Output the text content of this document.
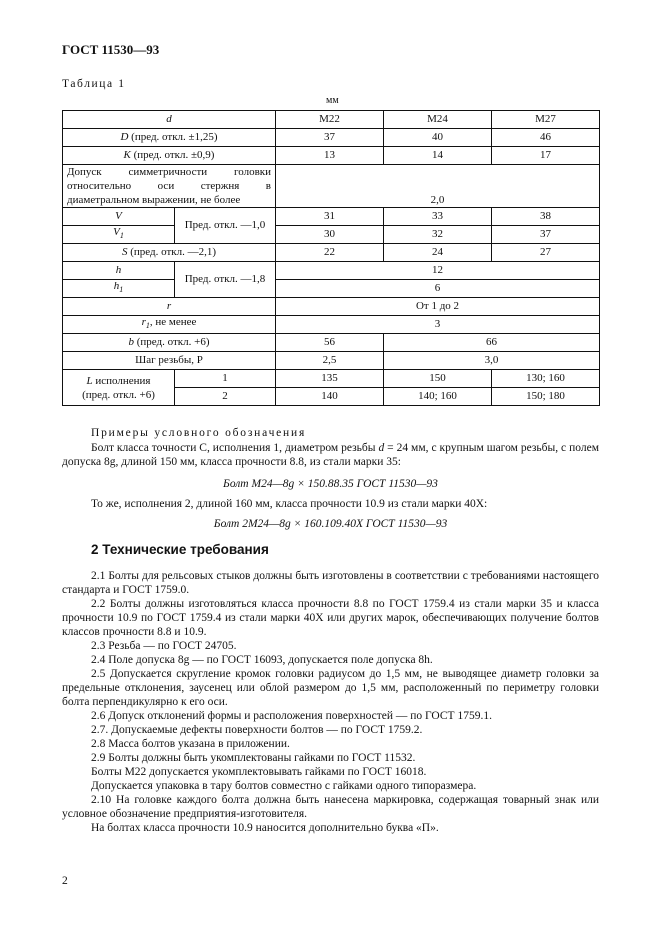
ГОСТ 11530—93
Таблица 1
мм
d		М22	М24	М27
D (пред. откл. ±1,25)		37	40	46
K (пред. откл. ±0,9)		13	14	17
Допуск симметричности головки относительно оси стержня в диаметральном выражении, не более		2,0		
V	Пред. откл. —1,0	31	33	38
$V_1$		30	32	37
S (пред. откл. —2,1)		22	24	27
h	Пред. откл. —1,8	12		
$h_1$		6		
r		От 1 до 2		
$r_1$, не менее		3		
b (пред. откл. +6)		56	66	
Шаг резьбы, Р		2,5	3,0	
L исполнения
(пред. откл. +6)	1	135	150	130; 160
	2	140	140; 160	150; 180
Примеры условного обозначения
Болт класса точности С, исполнения 1, диаметром резьбы d = 24 мм, с крупным шагом резьбы, с полем допуска 8g, длиной 150 мм, класса прочности 8.8, из стали марки 35:
Болт М24—8g × 150.88.35 ГОСТ 11530—93
То же, исполнения 2, длиной 160 мм, класса прочности 10.9 из стали марки 40Х:
Болт 2М24—8g × 160.109.40Х ГОСТ 11530—93
2 Технические требования
2.1 Болты для рельсовых стыков должны быть изготовлены в соответствии с требованиями настоящего стандарта и ГОСТ 1759.0.
2.2 Болты должны изготовляться класса прочности 8.8 по ГОСТ 1759.4 из стали марки 35 и класса прочности 10.9 по ГОСТ 1759.4 из стали марки 40Х или других марок, обеспечивающих получение болтов классов прочности 8.8 и 10.9.
2.3 Резьба — по ГОСТ 24705.
2.4 Поле допуска 8g — по ГОСТ 16093, допускается поле допуска 8h.
2.5 Допускается скругление кромок головки радиусом до 1,5 мм, не выводящее диаметр головки за предельные отклонения, заусенец или облой размером до 1,5 мм, расположенный по периметру головки болта перпендикулярно к его оси.
2.6 Допуск отклонений формы и расположения поверхностей — по ГОСТ 1759.1.
2.7. Допускаемые дефекты поверхности болтов — по ГОСТ 1759.2.
2.8 Масса болтов указана в приложении.
2.9 Болты должны быть укомплектованы гайками по ГОСТ 11532.
Болты М22 допускается укомплектовывать гайками по ГОСТ 16018.
Допускается упаковка в тару болтов совместно с гайками одного типоразмера.
2.10 На головке каждого болта должна быть нанесена маркировка, содержащая товарный знак или условное обозначение предприятия-изготовителя.
На болтах класса прочности 10.9 наносится дополнительно буква «П».
2
